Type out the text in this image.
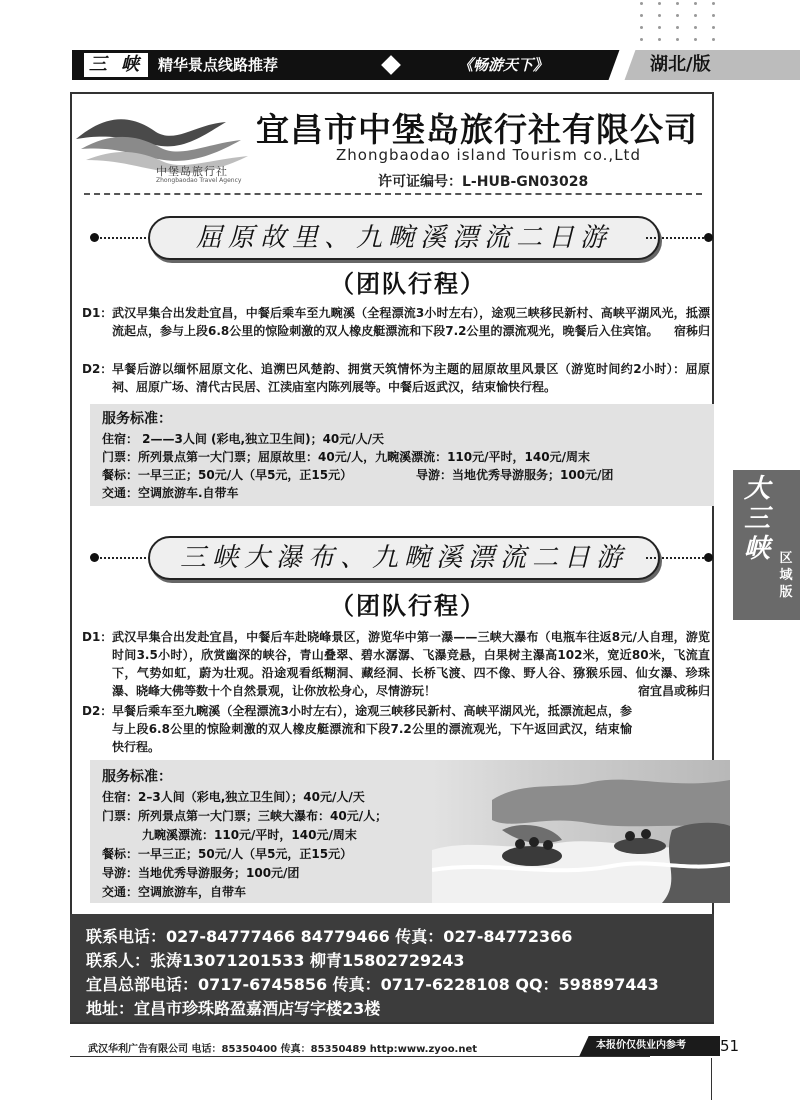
三 峡 精华景点线路推荐	《畅游天下》	湖北/版
中堡岛旅行社
Zhongbaodao Travel Agency
宜昌市中堡岛旅行社有限公司
Zhongbaodao island Tourism co.,Ltd
许可证编号：L-HUB-GN03028
屈原故里、九畹溪漂流二日游
（团队行程）
D1： 武汉早集合出发赴宜昌，中餐后乘车至九畹溪（全程漂流3小时左右），途观三峡移民新村、高峡平湖风光，抵漂流起点，参与上段6.8公里的惊险刺激的双人橡皮艇漂流和下段7.2公里的漂流观光，晚餐后入住宾馆。 宿秭归
D2： 早餐后游以缅怀屈原文化、追溯巴风楚韵、拥赏天筑情怀为主题的屈原故里风景区（游览时间约2小时）：屈原祠、屈原广场、清代古民居、江渎庙室内陈列展等。中餐后返武汉，结束愉快行程。
服务标准：
住宿： 2——3人间 (彩电,独立卫生间)；40元/人/天
门票：所列景点第一大门票；屈原故里：40元/人，九畹溪漂流：110元/平时，140元/周末
餐标：一早三正；50元/人（早5元，正15元）	导游：当地优秀导游服务；100元/团
交通：空调旅游车.自带车
三峡大瀑布、九畹溪漂流二日游
（团队行程）
D1： 武汉早集合出发赴宜昌，中餐后车赴晓峰景区，游览华中第一瀑——三峡大瀑布（电瓶车往返8元/人自理，游览时间3.5小时），欣赏幽深的峡谷，青山叠翠、碧水潺潺、飞瀑竞悬，白果树主瀑高102米，宽近80米，飞流直下，气势如虹，蔚为壮观。沿途观看纸糊洞、藏经洞、长桥飞渡、四不像、野人谷、猕猴乐园、仙女瀑、珍珠瀑、晓峰大佛等数十个自然景观，让你放松身心，尽情游玩！	宿宜昌或秭归
D2： 早餐后乘车至九畹溪（全程漂流3小时左右），途观三峡移民新村、高峡平湖风光，抵漂流起点，参与上段6.8公里的惊险刺激的双人橡皮艇漂流和下段7.2公里的漂流观光，下午返回武汉，结束愉快行程。
服务标准：
住宿：2–3人间（彩电,独立卫生间）；40元/人/天
门票：所列景点第一大门票；三峡大瀑布：40元/人；
九畹溪漂流：110元/平时，140元/周末
餐标：一早三正；50元/人（早5元，正15元）
导游：当地优秀导游服务；100元/团
交通：空调旅游车，自带车
联系电话：027-84777466 84779466 传真：027-84772366
联系人：张涛13071201533 柳青15802729243
宜昌总部电话：0717-6745856 传真：0717-6228108 QQ：598897443
地址：宜昌市珍珠路盈嘉酒店写字楼23楼
大三峡 区域版
武汉华利广告有限公司 电话：85350400 传真：85350489 http:www.zyoo.net	本报价仅供业内参考	51
